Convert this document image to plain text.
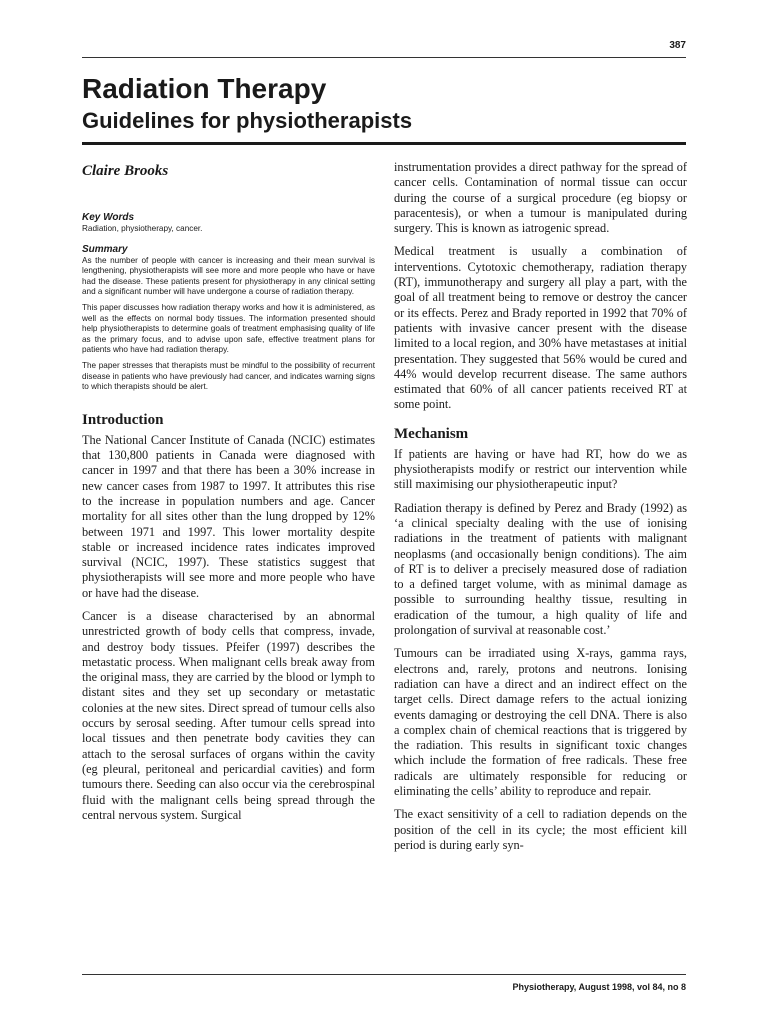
387
Radiation Therapy
Guidelines for physiotherapists

Claire Brooks

Key Words

Radiation, physiotherapy, cancer.

Summary

As the number of people with cancer is increasing and their mean survival is lengthening, physiotherapists will see more and more people who have or have had the disease. These patients present for physiotherapy in any clinical setting and a significant number will have undergone a course of radiation therapy.

This paper discusses how radiation therapy works and how it is administered, as well as the effects on normal body tissues. The information presented should help physiotherapists to determine goals of treatment emphasising quality of life as the primary focus, and to advise upon safe, effective treatment plans for patients who have had radiation therapy.

The paper stresses that therapists must be mindful to the possibility of recurrent disease in patients who have previously had cancer, and indicates warning signs to which therapists should be alert.

Introduction

The National Cancer Institute of Canada (NCIC) estimates that 130,800 patients in Canada were diagnosed with cancer in 1997 and that there has been a 30% increase in new cancer cases from 1987 to 1997. It attributes this rise to the increase in population numbers and age. Cancer mortality for all sites other than the lung dropped by 12% between 1971 and 1997. This lower mortality despite stable or increased incidence rates indicates improved survival (NCIC, 1997). These statistics suggest that physiotherapists will see more and more people who have or have had the disease.

Cancer is a disease characterised by an abnormal unrestricted growth of body cells that compress, invade, and destroy body tissues. Pfeifer (1997) describes the metastatic process. When malignant cells break away from the original mass, they are carried by the blood or lymph to distant sites and they set up secondary or metastatic colonies at the new sites. Direct spread of tumour cells also occurs by serosal seeding. After tumour cells spread into local tissues and then penetrate body cavities they can attach to the serosal surfaces of organs within the cavity (eg pleural, peritoneal and pericardial cavities) and form tumours there. Seeding can also occur via the cerebrospinal fluid with the malignant cells being spread through the central nervous system. Surgical

instrumentation provides a direct pathway for the spread of cancer cells. Contamination of normal tissue can occur during the course of a surgical procedure (eg biopsy or paracentesis), or when a tumour is manipulated during surgery. This is known as iatrogenic spread.

Medical treatment is usually a combination of interventions. Cytotoxic chemotherapy, radiation therapy (RT), immunotherapy and surgery all play a part, with the goal of all treatment being to remove or destroy the cancer or its effects. Perez and Brady reported in 1992 that 70% of patients with invasive cancer present with the disease limited to a local region, and 30% have metastases at initial presentation. They suggested that 56% would be cured and 44% would develop recurrent disease. The same authors estimated that 60% of all cancer patients received RT at some point.

Mechanism

If patients are having or have had RT, how do we as physiotherapists modify or restrict our intervention while still maximising our physiotherapeutic input?

Radiation therapy is defined by Perez and Brady (1992) as ‘a clinical specialty dealing with the use of ionising radiations in the treatment of patients with malignant neoplasms (and occasionally benign conditions). The aim of RT is to deliver a precisely measured dose of radiation to a defined target volume, with as minimal damage as possible to surrounding healthy tissue, resulting in eradication of the tumour, a high quality of life and prolongation of survival at reasonable cost.’

Tumours can be irradiated using X-rays, gamma rays, electrons and, rarely, protons and neutrons. Ionising radiation can have a direct and an indirect effect on the target cells. Direct damage refers to the actual ionizing events damaging or destroying the cell DNA. There is also a complex chain of chemical reactions that is triggered by the radiation. This results in significant toxic changes which include the formation of free radicals. These free radicals are ultimately responsible for reducing or eliminating the cells’ ability to reproduce and repair.

The exact sensitivity of a cell to radiation depends on the position of the cell in its cycle; the most efficient kill period is during early syn-

Physiotherapy, August 1998, vol 84, no 8
